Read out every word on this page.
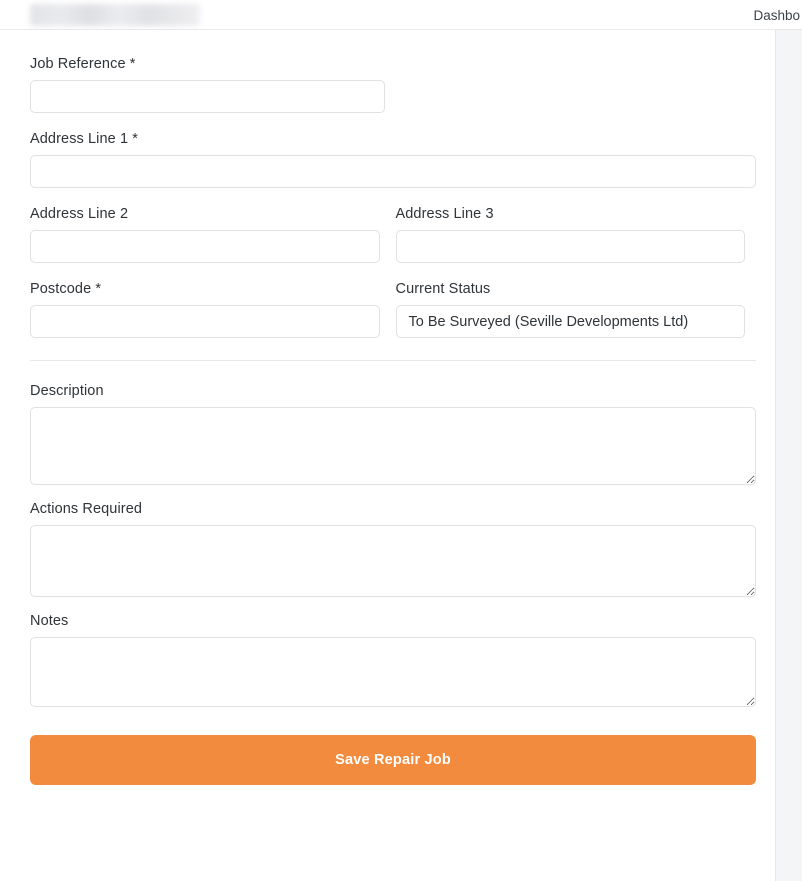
Dashbo
Job Reference *
Address Line 1 *
Address Line 2	Address Line 3
Postcode *	Current Status
To Be Surveyed (Seville Developments Ltd)
Description
Actions Required
Notes
Save Repair Job
